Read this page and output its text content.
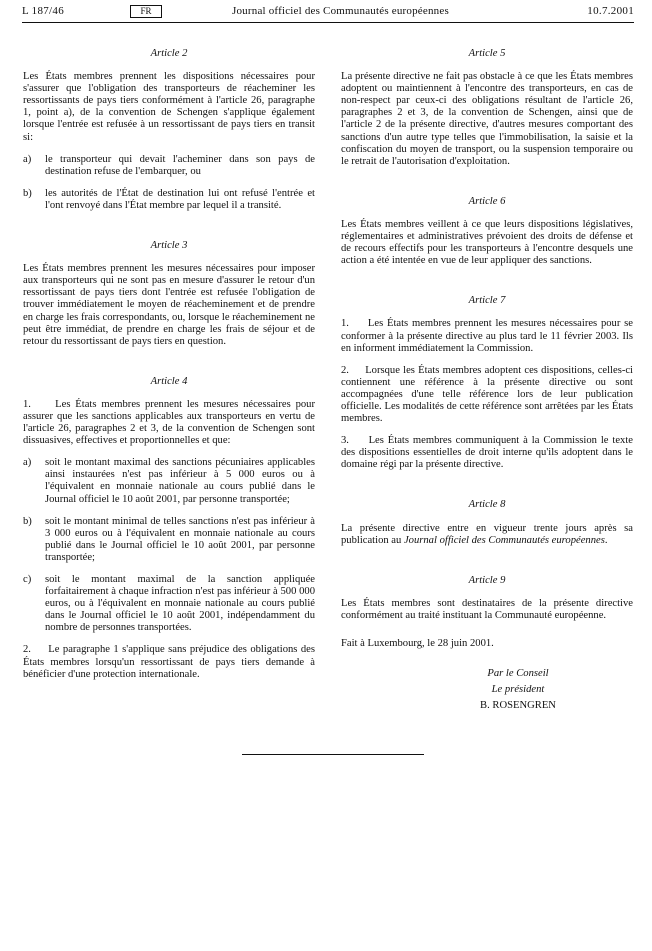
L 187/46	FR	Journal officiel des Communautés européennes	10.7.2001
Article 2

Les États membres prennent les dispositions nécessaires pour s'assurer que l'obligation des transporteurs de réacheminer les ressortissants de pays tiers conformément à l'article 26, paragraphe 1, point a), de la convention de Schengen s'applique également lorsque l'entrée est refusée à un ressortissant de pays tiers en transit si:

a)	le transporteur qui devait l'acheminer dans son pays de destination refuse de l'embarquer, ou
b)	les autorités de l'État de destination lui ont refusé l'entrée et l'ont renvoyé dans l'État membre par lequel il a transité.
Article 3

Les États membres prennent les mesures nécessaires pour imposer aux transporteurs qui ne sont pas en mesure d'assurer le retour d'un ressortissant de pays tiers dont l'entrée est refusée l'obligation de trouver immédiatement le moyen de réacheminement et de prendre en charge les frais correspondants, ou, lorsque le réacheminement ne peut être immédiat, de prendre en charge les frais de séjour et de retour du ressortissant de pays tiers en question.

Article 4

1.     Les États membres prennent les mesures nécessaires pour assurer que les sanctions applicables aux transporteurs en vertu de l'article 26, paragraphes 2 et 3, de la convention de Schengen sont dissuasives, effectives et proportionnelles et que:

a)	soit le montant maximal des sanctions pécuniaires applicables ainsi instaurées n'est pas inférieur à 5 000 euros ou à l'équivalent en monnaie nationale au cours publié dans le Journal officiel le 10 août 2001, par personne transportée;
b)	soit le montant minimal de telles sanctions n'est pas inférieur à 3 000 euros ou à l'équivalent en monnaie nationale au cours publié dans le Journal officiel le 10 août 2001, par personne transportée;
c)	soit le montant maximal de la sanction appliquée forfaitairement à chaque infraction n'est pas inférieur à 500 000 euros, ou à l'équivalent en monnaie nationale au cours publié dans le Journal officiel le 10 août 2001, indépendamment du nombre de personnes transportées.

2.     Le paragraphe 1 s'applique sans préjudice des obligations des États membres lorsqu'un ressortissant de pays tiers demande à bénéficier d'une protection internationale.

Article 5

La présente directive ne fait pas obstacle à ce que les États membres adoptent ou maintiennent à l'encontre des transporteurs, en cas de non-respect par ceux-ci des obligations résultant de l'article 26, paragraphes 2 et 3, de la convention de Schengen, ainsi que de l'article 2 de la présente directive, d'autres mesures comportant des sanctions d'un autre type telles que l'immobilisation, la saisie et la confiscation du moyen de transport, ou la suspension temporaire ou le retrait de l'autorisation d'exploitation.

Article 6

Les États membres veillent à ce que leurs dispositions législatives, réglementaires et administratives prévoient des droits de défense et de recours effectifs pour les transporteurs à l'encontre desquels une action a été intentée en vue de leur appliquer des sanctions.

Article 7

1.     Les États membres prennent les mesures nécessaires pour se conformer à la présente directive au plus tard le 11 février 2003. Ils en informent immédiatement la Commission.

2.     Lorsque les États membres adoptent ces dispositions, celles-ci contiennent une référence à la présente directive ou sont accompagnées d'une telle référence lors de leur publication officielle. Les modalités de cette référence sont arrêtées par les États membres.

3.     Les États membres communiquent à la Commission le texte des dispositions essentielles de droit interne qu'ils adoptent dans le domaine régi par la présente directive.

Article 8

La présente directive entre en vigueur trente jours après sa publication au Journal officiel des Communautés européennes.

Article 9

Les États membres sont destinataires de la présente directive conformément au traité instituant la Communauté européenne.

Fait à Luxembourg, le 28 juin 2001.

Par le Conseil
Le président
B. ROSENGREN
